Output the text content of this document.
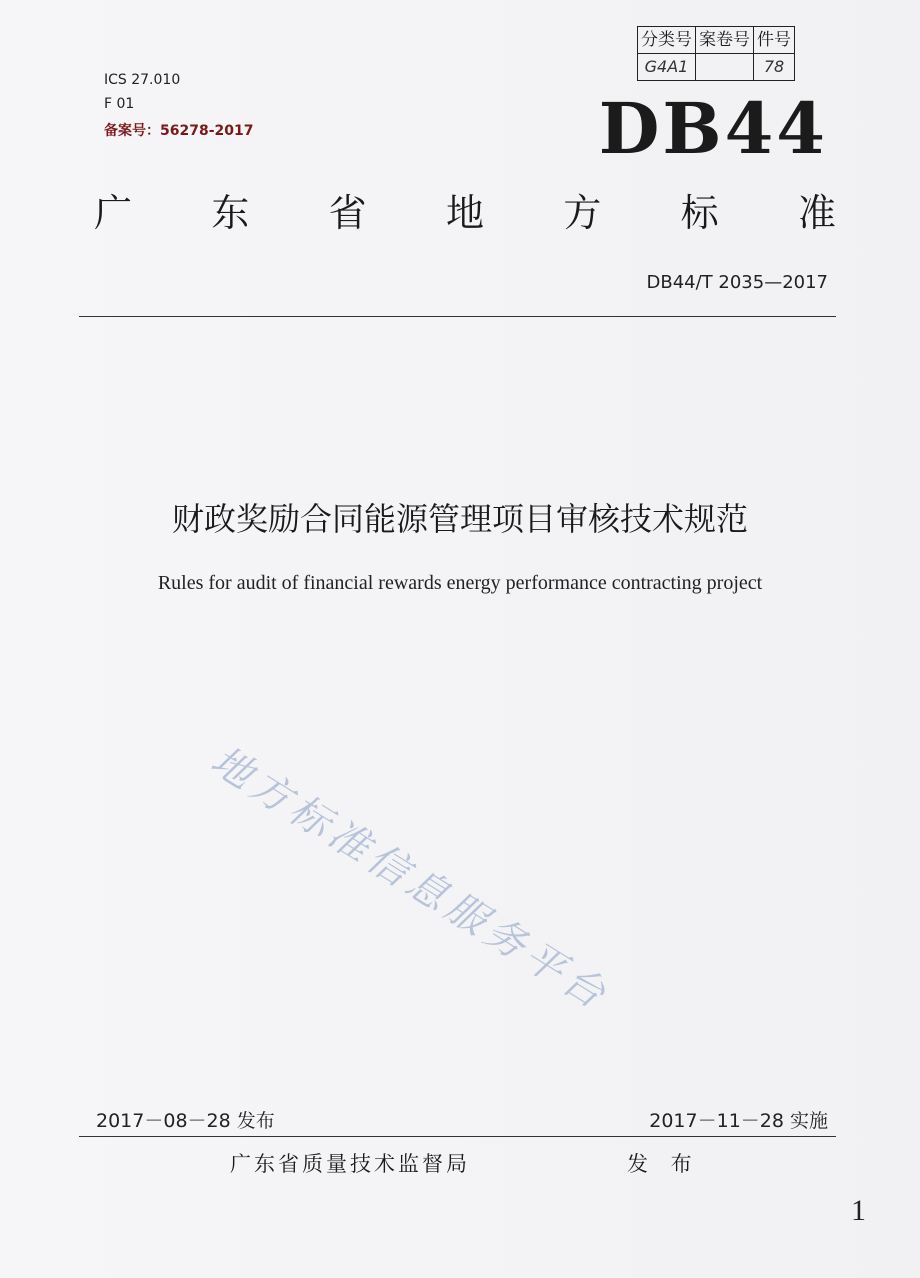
分类号	案卷号	件号
G4A1		78
ICS 27.010
F 01
备案号：56278-2017	DB44
广 东 省 地 方 标 准
DB44/T 2035—2017
财政奖励合同能源管理项目审核技术规范
Rules for audit of financial rewards energy performance contracting project
地方标准信息服务平台
2017－08－28 发布	2017－11－28 实施
广东省质量技术监督局	发 布
1
